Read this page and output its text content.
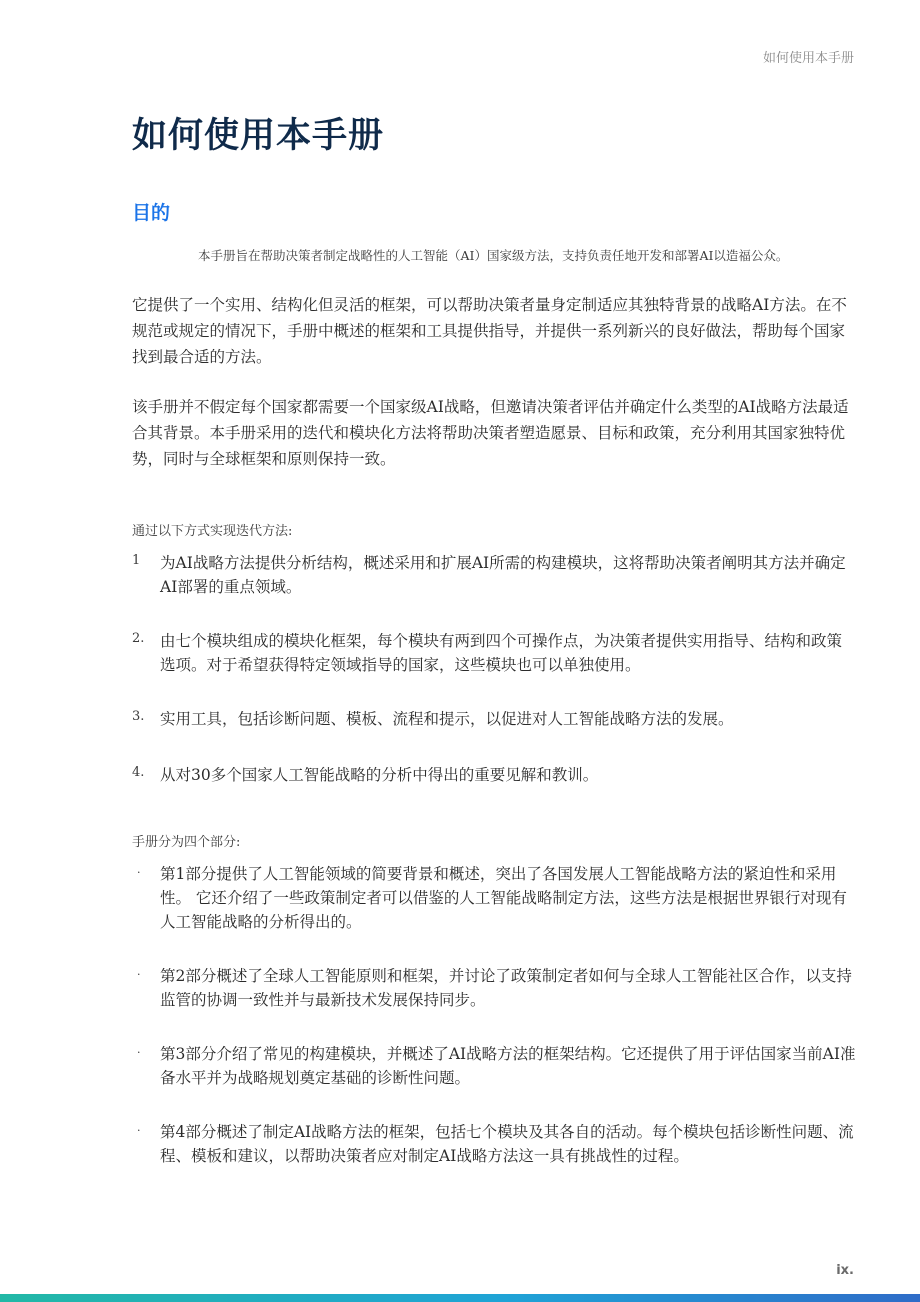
如何使用本手册
如何使用本手册
目的
本手册旨在帮助决策者制定战略性的人工智能（AI）国家级方法，支持负责任地开发和部署AI以造福公众。

它提供了一个实用、结构化但灵活的框架，可以帮助决策者量身定制适应其独特背景的战略AI方法。在不规范或规定的情况下，手册中概述的框架和工具提供指导，并提供一系列新兴的良好做法，帮助每个国家找到最合适的方法。

该手册并不假定每个国家都需要一个国家级AI战略，但邀请决策者评估并确定什么类型的AI战略方法最适合其背景。本手册采用的迭代和模块化方法将帮助决策者塑造愿景、目标和政策，充分利用其国家独特优势，同时与全球框架和原则保持一致。

通过以下方式实现迭代方法:
1 为AI战略方法提供分析结构，概述采用和扩展AI所需的构建模块，这将帮助决策者阐明其方法并确定AI部署的重点领域。
2. 由七个模块组成的模块化框架，每个模块有两到四个可操作点，为决策者提供实用指导、结构和政策选项。对于希望获得特定领域指导的国家，这些模块也可以单独使用。
3. 实用工具，包括诊断问题、模板、流程和提示，以促进对人工智能战略方法的发展。
4. 从对30多个国家人工智能战略的分析中得出的重要见解和教训。
手册分为四个部分:
· 第1部分提供了人工智能领域的简要背景和概述，突出了各国发展人工智能战略方法的紧迫性和采用性。 它还介绍了一些政策制定者可以借鉴的人工智能战略制定方法，这些方法是根据世界银行对现有人工智能战略的分析得出的。
· 第2部分概述了全球人工智能原则和框架，并讨论了政策制定者如何与全球人工智能社区合作，以支持监管的协调一致性并与最新技术发展保持同步。
· 第3部分介绍了常见的构建模块，并概述了AI战略方法的框架结构。它还提供了用于评估国家当前AI准备水平并为战略规划奠定基础的诊断性问题。
· 第4部分概述了制定AI战略方法的框架，包括七个模块及其各自的活动。每个模块包括诊断性问题、流程、模板和建议，以帮助决策者应对制定AI战略方法这一具有挑战性的过程。
ix.
